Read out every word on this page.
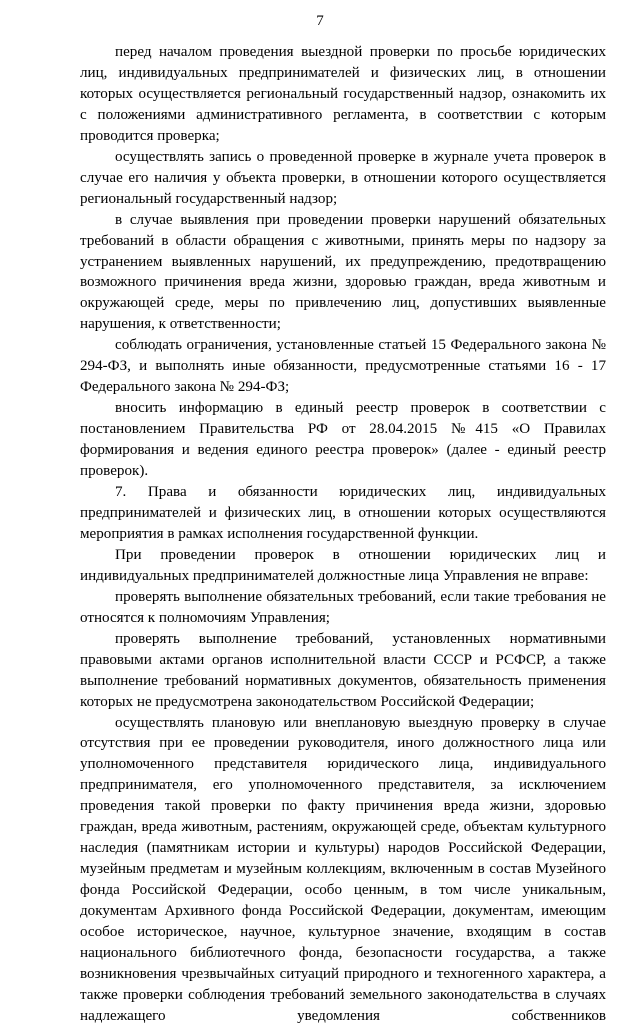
7

перед началом проведения выездной проверки по просьбе юридических лиц, индивидуальных предпринимателей и физических лиц, в отношении которых осуществляется региональный государственный надзор, ознакомить их с положениями административного регламента, в соответствии с которым проводится проверка;

осуществлять запись о проведенной проверке в журнале учета проверок в случае его наличия у объекта проверки, в отношении которого осуществляется региональный государственный надзор;

в случае выявления при проведении проверки нарушений обязательных требований в области обращения с животными, принять меры по надзору за устранением выявленных нарушений, их предупреждению, предотвращению возможного причинения вреда жизни, здоровью граждан, вреда животным и окружающей среде, меры по привлечению лиц, допустивших выявленные нарушения, к ответственности;

соблюдать ограничения, установленные статьей 15 Федерального закона № 294-ФЗ, и выполнять иные обязанности, предусмотренные статьями 16 - 17 Федерального закона № 294-ФЗ;

вносить информацию в единый реестр проверок в соответствии с постановлением Правительства РФ от 28.04.2015 №415 «О Правилах формирования и ведения единого реестра проверок» (далее - единый реестр проверок).

7. Права и обязанности юридических лиц, индивидуальных предпринимателей и физических лиц, в отношении которых осуществляются мероприятия в рамках исполнения государственной функции.

При проведении проверок в отношении юридических лиц и индивидуальных предпринимателей должностные лица Управления не вправе:

проверять выполнение обязательных требований, если такие требования не относятся к полномочиям Управления;

проверять выполнение требований, установленных нормативными правовыми актами органов исполнительной власти СССР и РСФСР, а также выполнение требований нормативных документов, обязательность применения которых не предусмотрена законодательством Российской Федерации;

осуществлять плановую или внеплановую выездную проверку в случае отсутствия при ее проведении руководителя, иного должностного лица или уполномоченного представителя юридического лица, индивидуального предпринимателя, его уполномоченного представителя, за исключением проведения такой проверки по факту причинения вреда жизни, здоровью граждан, вреда животным, растениям, окружающей среде, объектам культурного наследия (памятникам истории и культуры) народов Российской Федерации, музейным предметам и музейным коллекциям, включенным в состав Музейного фонда Российской Федерации, особо ценным, в том числе уникальным, документам Архивного фонда Российской Федерации, документам, имеющим особое историческое, научное, культурное значение, входящим в состав национального библиотечного фонда, безопасности государства, а также возникновения чрезвычайных ситуаций природного и техногенного характера, а также проверки соблюдения требований земельного законодательства в случаях надлежащего уведомления собственников
